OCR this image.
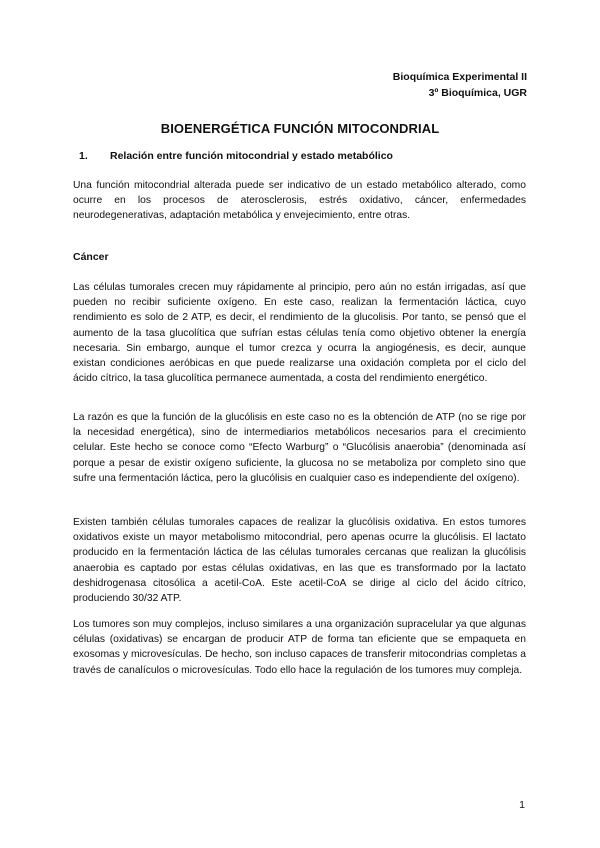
Bioquímica Experimental II
3º Bioquímica, UGR
BIOENERGÉTICA FUNCIÓN MITOCONDRIAL
1. Relación entre función mitocondrial y estado metabólico

Una función mitocondrial alterada puede ser indicativo de un estado metabólico alterado, como ocurre en los procesos de aterosclerosis, estrés oxidativo, cáncer, enfermedades neurodegenerativas, adaptación metabólica y envejecimiento, entre otras.

Cáncer

Las células tumorales crecen muy rápidamente al principio, pero aún no están irrigadas, así que pueden no recibir suficiente oxígeno. En este caso, realizan la fermentación láctica, cuyo rendimiento es solo de 2 ATP, es decir, el rendimiento de la glucolisis. Por tanto, se pensó que el aumento de la tasa glucolítica que sufrían estas células tenía como objetivo obtener la energía necesaria. Sin embargo, aunque el tumor crezca y ocurra la angiogénesis, es decir, aunque existan condiciones aeróbicas en que puede realizarse una oxidación completa por el ciclo del ácido cítrico, la tasa glucolítica permanece aumentada, a costa del rendimiento energético.

La razón es que la función de la glucólisis en este caso no es la obtención de ATP (no se rige por la necesidad energética), sino de intermediarios metabólicos necesarios para el crecimiento celular. Este hecho se conoce como “Efecto Warburg” o “Glucólisis anaerobia” (denominada así porque a pesar de existir oxígeno suficiente, la glucosa no se metaboliza por completo sino que sufre una fermentación láctica, pero la glucólisis en cualquier caso es independiente del oxígeno).

Existen también células tumorales capaces de realizar la glucólisis oxidativa. En estos tumores oxidativos existe un mayor metabolismo mitocondrial, pero apenas ocurre la glucólisis. El lactato producido en la fermentación láctica de las células tumorales cercanas que realizan la glucólisis anaerobia es captado por estas células oxidativas, en las que es transformado por la lactato deshidrogenasa citosólica a acetil-CoA. Este acetil-CoA se dirige al ciclo del ácido cítrico, produciendo 30/32 ATP.

Los tumores son muy complejos, incluso similares a una organización supracelular ya que algunas células (oxidativas) se encargan de producir ATP de forma tan eficiente que se empaqueta en exosomas y microvesículas. De hecho, son incluso capaces de transferir mitocondrias completas a través de canalículos o microvesículas. Todo ello hace la regulación de los tumores muy compleja.

1
